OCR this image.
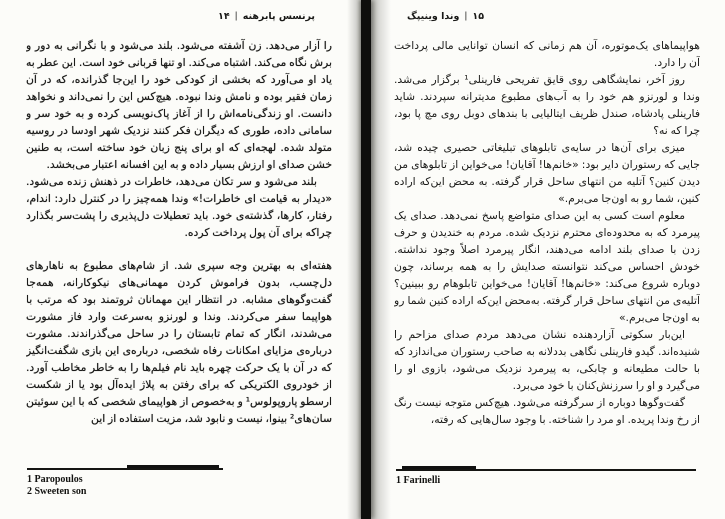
۱۴ | پرنسس پابرهنه

را آزار می‌دهد. زن آشفته می‌شود. بلند می‌شود و با نگرانی به دور و برش نگاه می‌کند. اشتباه می‌کند. او تنها قربانی خود است. این عطر به یاد او می‌آورد که بخشی از کودکی خود را این‌جا گذرانده، که در آن زمان فقیر بوده و نامش وندا نبوده. هیچ‌کس این را نمی‌داند و نخواهد دانست. او زندگی‌نامه‌اش را از آغاز پاک‌نویسی کرده و به خود سر و سامانی داده، طوری که دیگران فکر کنند نزدیک شهر اودسا در روسیه متولد شده. لهجه‌ای که او برای پنج زبان خود ساخته است، به طنین خشن صدای او ارزش بسیار داده و به این افسانه اعتبار می‌بخشد.

بلند می‌شود و سر تکان می‌دهد، خاطرات در ذهنش زنده می‌شود. «دیدار به قیامت ای خاطرات!» وندا همه‌چیز را در کنترل دارد: اندام، رفتار، کارها، گذشته‌ی خود. باید تعطیلات دل‌پذیری را پشت‌سر بگذارد چراکه برای آن پول پرداخت کرده.

هفته‌ای به بهترین وجه سپری شد. از شام‌های مطبوع به ناهارهای دل‌چسب، بدون فراموش کردن مهمانی‌های نیکوکارانه، همه‌جا گفت‌وگوهای مشابه. در انتظار این مهمانان ثروتمند بود که مرتب با هواپیما سفر می‌کردند. وندا و لورنزو به‌سرعت وارد فاز مشورت می‌شدند، انگار که تمام تابستان را در ساحل می‌گذراندند. مشورت درباره‌ی مزایای امکانات رفاه شخصی، درباره‌ی این بازی شگفت‌انگیز که در آن با یک حرکت چهره باید نام فیلم‌ها را به خاطر مخاطب آورد. از خودروی الکتریکی که برای رفتن به پلاژ ایده‌آل بود یا از شکست ارسطو پاروپولوس¹ و به‌خصوص از هواپیمای شخصی که با این سوئیتن سان‌های² بینوا، نیست و نابود شد، مزیت استفاده از این

1 Paropoulos
2 Sweeten son
وندا وینیپگ | ۱۵

هواپیماهای یک‌موتوره، آن هم زمانی که انسان توانایی مالی پرداخت آن را دارد.

روز آخر، نمایشگاهی روی قایق تفریحی فارینلی¹ برگزار می‌شد. وندا و لورنزو هم خود را به آب‌های مطبوع مدیترانه سپردند. شاید فارینلی پادشاه، صندل ظریف ایتالیایی با بندهای دوبل روی مچ پا بود، چرا که نه؟

میزی برای آن‌ها در سایه‌ی تابلوهای تبلیغاتی حصیری چیده شد، جایی که رستوران دایر بود: «خانم‌ها! آقایان! می‌خواین از تابلوهای من دیدن کنین؟ آتلیه من انتهای ساحل قرار گرفته. به محض این‌که اراده کنین، شما رو به اون‌جا می‌برم.»

معلوم است کسی به این صدای متواضع پاسخ نمی‌دهد. صدای یک پیرمرد که به محدوده‌ای محترم نزدیک شده. مردم به خندیدن و حرف زدن با صدای بلند ادامه می‌دهند، انگار پیرمرد اصلاً وجود نداشته. خودش احساس می‌کند نتوانسته صدایش را به همه برساند، چون دوباره شروع می‌کند: «خانم‌ها! آقایان! می‌خواین تابلوهام رو ببینین؟ آتلیه‌ی من انتهای ساحل قرار گرفته. به‌محض این‌که اراده کنین شما رو به اون‌جا می‌برم.»

این‌بار سکوتی آزاردهنده نشان می‌دهد مردم صدای مزاحم را شنیده‌اند. گیدو فارینلی نگاهی بددلانه به صاحب رستوران می‌اندازد که با حالت مطیعانه و چابکی، به پیرمرد نزدیک می‌شود، بازوی او را می‌گیرد و او را سرزنش‌کنان با خود می‌برد.

گفت‌وگوها دوباره از سرگرفته می‌شود. هیچ‌کس متوجه نیست رنگ از رخ وندا پریده. او مرد را شناخته. با وجود سال‌هایی که رفته،

1 Farinelli
